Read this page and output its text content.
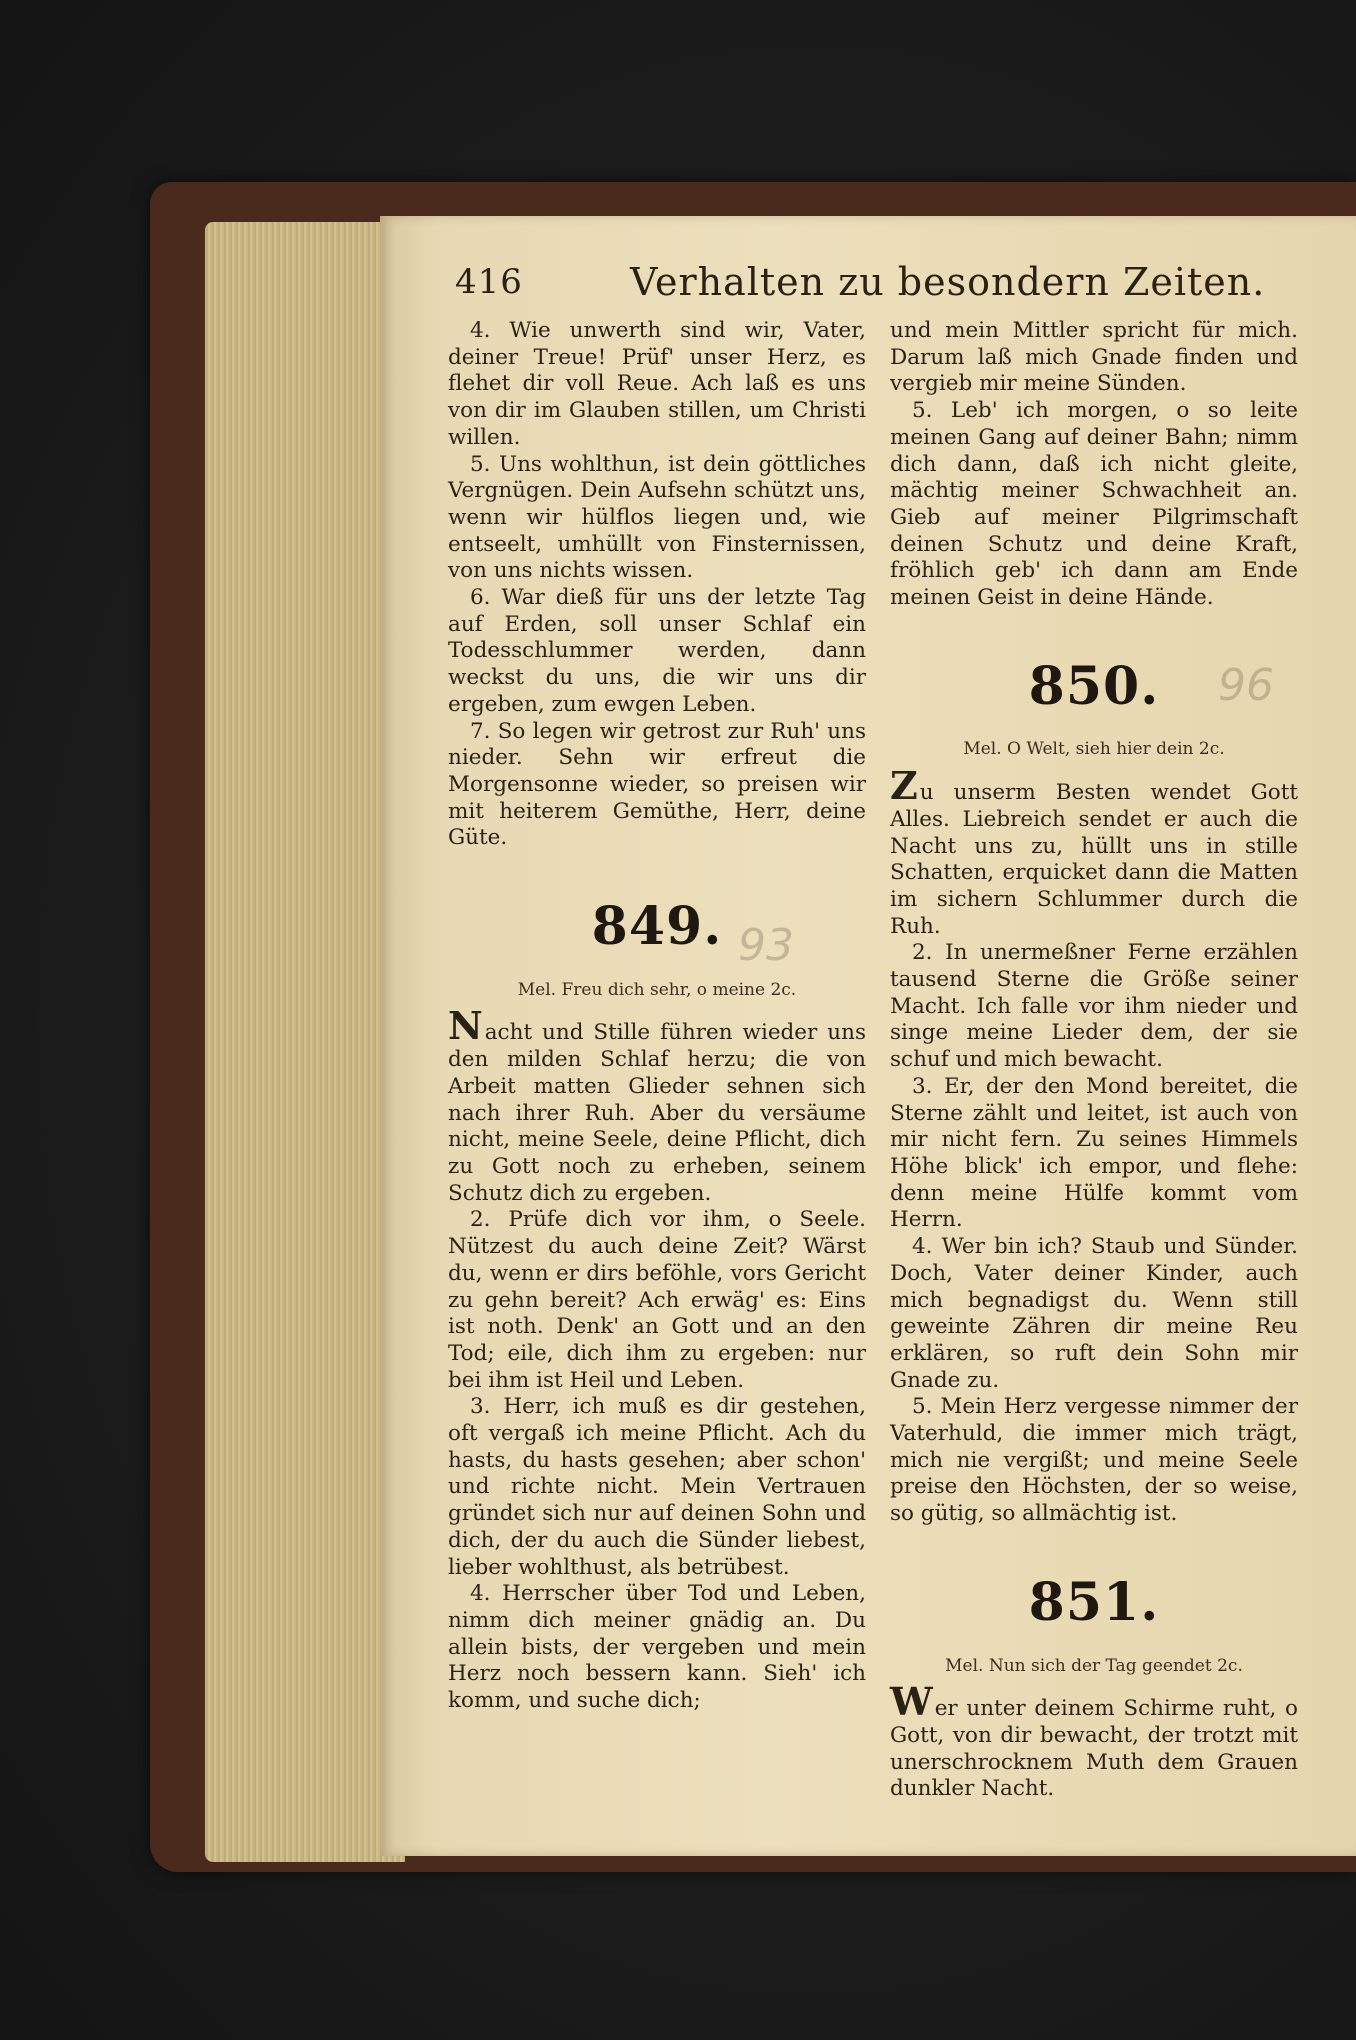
416	Verhalten zu besondern Zeiten.

4. Wie unwerth sind wir, Vater, deiner Treue! Prüf' unser Herz, es flehet dir voll Reue. Ach laß es uns von dir im Glauben stillen, um Christi willen.

5. Uns wohlthun, ist dein göttliches Vergnügen. Dein Aufsehn schützt uns, wenn wir hülflos liegen und, wie entseelt, umhüllt von Finsternissen, von uns nichts wissen.

6. War dieß für uns der letzte Tag auf Erden, soll unser Schlaf ein Todesschlummer werden, dann weckst du uns, die wir uns dir ergeben, zum ewgen Leben.

7. So legen wir getrost zur Ruh' uns nieder. Sehn wir erfreut die Morgensonne wieder, so preisen wir mit heiterem Gemüthe, Herr, deine Güte.

849.
Mel. Freu dich sehr, o meine 2c.

Nacht und Stille führen wieder uns den milden Schlaf herzu; die von Arbeit matten Glieder sehnen sich nach ihrer Ruh. Aber du versäume nicht, meine Seele, deine Pflicht, dich zu Gott noch zu erheben, seinem Schutz dich zu ergeben.

2. Prüfe dich vor ihm, o Seele. Nützest du auch deine Zeit? Wärst du, wenn er dirs beföhle, vors Gericht zu gehn bereit? Ach erwäg' es: Eins ist noth. Denk' an Gott und an den Tod; eile, dich ihm zu ergeben: nur bei ihm ist Heil und Leben.

3. Herr, ich muß es dir gestehen, oft vergaß ich meine Pflicht. Ach du hasts, du hasts gesehen; aber schon' und richte nicht. Mein Vertrauen gründet sich nur auf deinen Sohn und dich, der du auch die Sünder liebest, lieber wohlthust, als betrübest.

4. Herrscher über Tod und Leben, nimm dich meiner gnädig an. Du allein bists, der vergeben und mein Herz noch bessern kann. Sieh' ich komm, und suche dich;

und mein Mittler spricht für mich. Darum laß mich Gnade finden und vergieb mir meine Sünden.

5. Leb' ich morgen, o so leite meinen Gang auf deiner Bahn; nimm dich dann, daß ich nicht gleite, mächtig meiner Schwachheit an. Gieb auf meiner Pilgrimschaft deinen Schutz und deine Kraft, fröhlich geb' ich dann am Ende meinen Geist in deine Hände.

850.
Mel. O Welt, sieh hier dein 2c.

Zu unserm Besten wendet Gott Alles. Liebreich sendet er auch die Nacht uns zu, hüllt uns in stille Schatten, erquicket dann die Matten im sichern Schlummer durch die Ruh.

2. In unermeßner Ferne erzählen tausend Sterne die Größe seiner Macht. Ich falle vor ihm nieder und singe meine Lieder dem, der sie schuf und mich bewacht.

3. Er, der den Mond bereitet, die Sterne zählt und leitet, ist auch von mir nicht fern. Zu seines Himmels Höhe blick' ich empor, und flehe: denn meine Hülfe kommt vom Herrn.

4. Wer bin ich? Staub und Sünder. Doch, Vater deiner Kinder, auch mich begnadigst du. Wenn still geweinte Zähren dir meine Reu erklären, so ruft dein Sohn mir Gnade zu.

5. Mein Herz vergesse nimmer der Vaterhuld, die immer mich trägt, mich nie vergißt; und meine Seele preise den Höchsten, der so weise, so gütig, so allmächtig ist.

851.
Mel. Nun sich der Tag geendet 2c.

Wer unter deinem Schirme ruht, o Gott, von dir bewacht, der trotzt mit unerschrocknem Muth dem Grauen dunkler Nacht.

93
96
